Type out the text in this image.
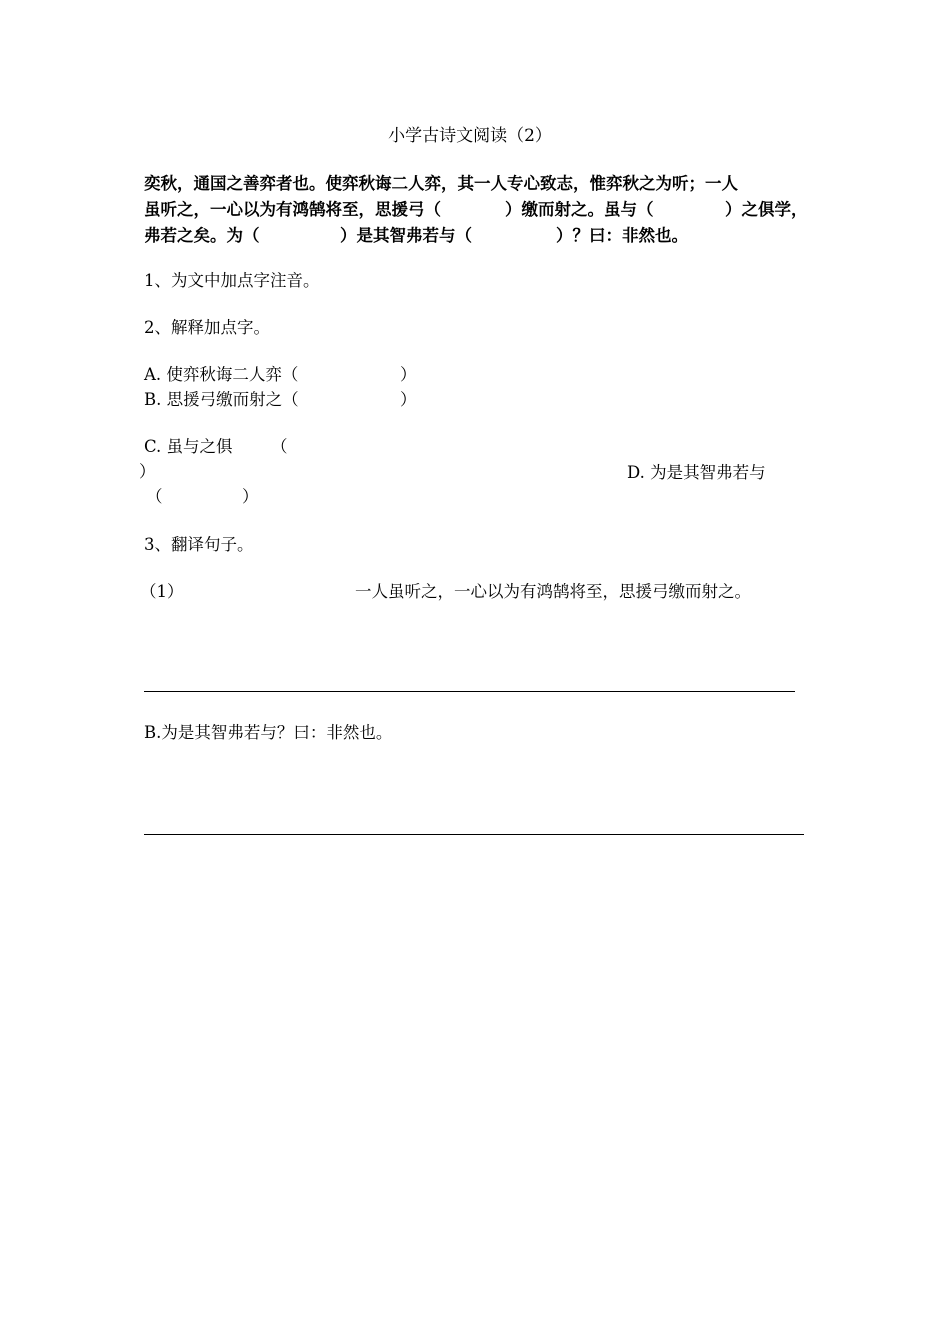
小学古诗文阅读（2）
奕秋，通国之善弈者也。使弈秋诲二人弈，其一人专心致志，惟弈秋之为听；一人
虽听之，一心以为有鸿鹄将至，思援弓（	）缴而射之。虽与（	）之俱学，
弗若之矣。为（	）是其智弗若与（	）？曰：非然也。
1、为文中加点字注音。
2、解释加点字。
A. 使弈秋诲二人弈（	）
B. 思援弓缴而射之（	）
C. 虽与之俱 （
）	D. 为是其智弗若与
（	）
3、翻译句子。
（1）	一人虽听之，一心以为有鸿鹄将至，思援弓缴而射之。
B.为是其智弗若与？曰：非然也。
